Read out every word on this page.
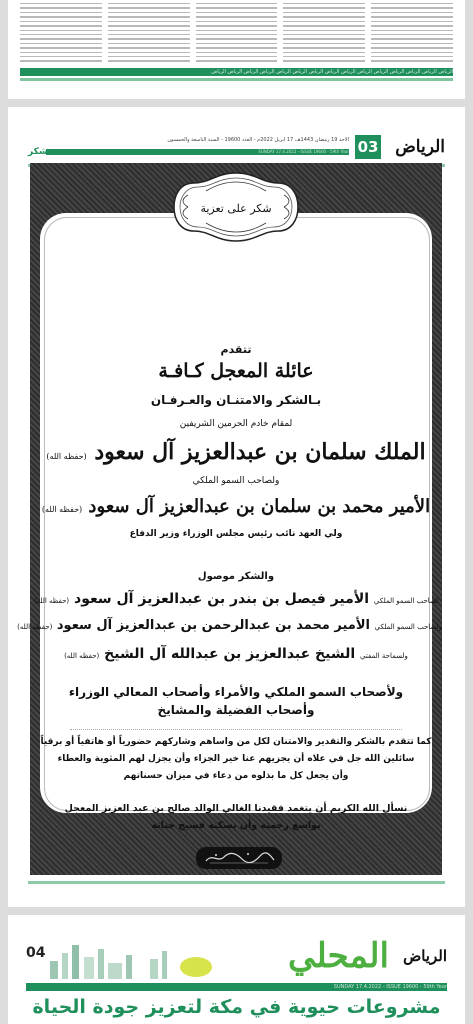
الرياض الرياض الرياض الرياض الرياض الرياض الرياض الرياض الرياض الرياض الرياض الرياض الرياض الرياض الرياض
الرياض
03
الأحد 19 رمضان 1443هـ، 17 أبريل 2022م - العدد 19600 - السنة التاسعة والخمسون
SUNDAY 17.4.2022 - ISSUE 19600 - 59th Year
شكر
شكر على تعزية
تتقدم
عائلة المعجل كـافـة
بـالشكر والامتنـان والعـرفـان
لمقام خادم الحرمين الشريفين
الملك سلمان بن عبدالعزيز آل سعود (حفظه الله)
ولصاحب السمو الملكي
الأمير محمد بن سلمان بن عبدالعزيز آل سعود (حفظه الله)
ولي العهد نائب رئيس مجلس الوزراء وزير الدفاع
والشكر موصول
لصاحب السمو الملكي الأمير فيصل بن بندر بن عبدالعزيز آل سعود (حفظه الله)
ولصاحب السمو الملكي الأمير محمد بن عبدالرحمن بن عبدالعزيز آل سعود (حفظه الله)
ولسماحة المفتي الشيخ عبدالعزيز بن عبدالله آل الشيخ (حفظه الله)
ولأصحاب السمو الملكي والأمراء وأصحاب المعالي الوزراء
وأصحاب الفضيلة والمشايخ
كما تتقدم بالشكر والتقدير والامتنان لكل من واساهم وشاركهم حضورياً أو هاتفياً أو برقياً
سائلين الله جل في علاه أن يجزيهم عنا خير الجزاء وأن يجزل لهم المثوبة والعطاء
وأن يجعل كل ما بذلوه من دعاء في ميزان حسناتهم
نسأل الله الكريم أن يتغمد فقيدنا الغالي الوالد صالح بن عبد العزيز المعجل
بواسع رحمته وأن يسكنه فسيح جناته
04	المحلي الرياض
SUNDAY 17.4.2022 - ISSUE 19600 - 59th Year
مشروعات حيوية في مكة لتعزيز جودة الحياة
